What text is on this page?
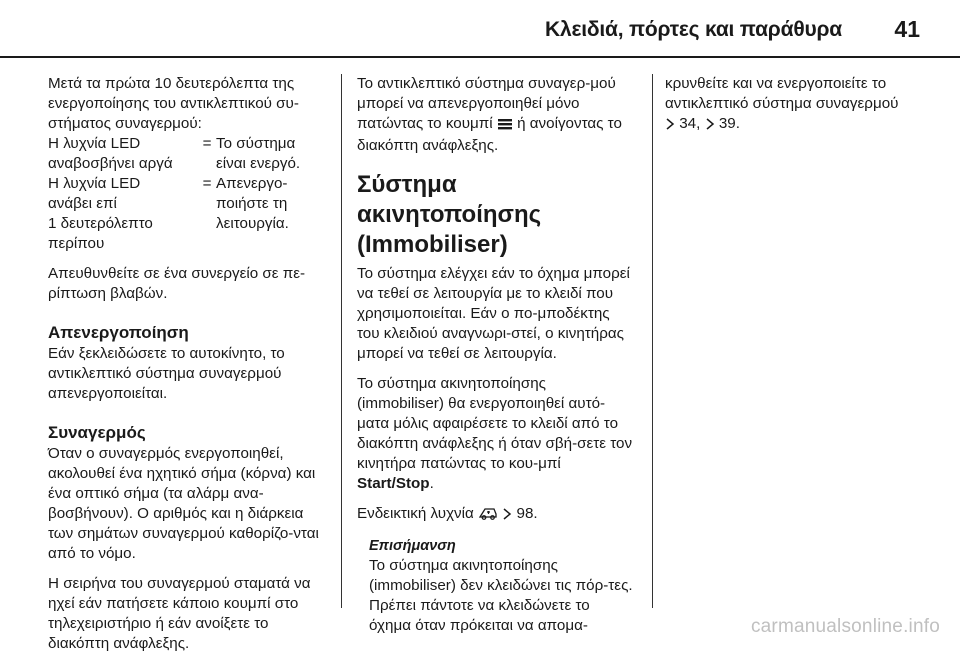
Κλειδιά, πόρτες και παράθυρα 41

Μετά τα πρώτα 10 δευτερόλεπτα της ενεργοποίησης του αντικλεπτικού συ-στήματος συναγερμού:

Η λυχνία LED
αναβοσβήνει αργά	=	Το σύστημα
είναι ενεργό.
Η λυχνία LED
ανάβει επί
1 δευτερόλεπτο
περίπου	=	Απενεργο-
ποιήστε τη
λειτουργία.

Απευθυνθείτε σε ένα συνεργείο σε πε-ρίπτωση βλαβών.

Απενεργοποίηση

Εάν ξεκλειδώσετε το αυτοκίνητο, το αντικλεπτικό σύστημα συναγερμού απενεργοποιείται.

Συναγερμός

Όταν ο συναγερμός ενεργοποιηθεί, ακολουθεί ένα ηχητικό σήμα (κόρνα) και ένα οπτικό σήμα (τα αλάρμ ανα-βοσβήνουν). Ο αριθμός και η διάρκεια των σημάτων συναγερμού καθορίζο-νται από το νόμο.

Η σειρήνα του συναγερμού σταματά να ηχεί εάν πατήσετε κάποιο κουμπί στο τηλεχειριστήριο ή εάν ανοίξετε το διακόπτη ανάφλεξης.

Το αντικλεπτικό σύστημα συναγερ-μού μπορεί να απενεργοποιηθεί μόνο πατώντας το κουμπί ή ανοίγοντας το διακόπτη ανάφλεξης.

Σύστημα ακινητοποίησης (Immobiliser)

Το σύστημα ελέγχει εάν το όχημα μπορεί να τεθεί σε λειτουργία με το κλειδί που χρησιμοποιείται. Εάν ο πο-μποδέκτης του κλειδιού αναγνωρι-στεί, ο κινητήρας μπορεί να τεθεί σε λειτουργία.

Το σύστημα ακινητοποίησης (immobiliser) θα ενεργοποιηθεί αυτό-ματα μόλις αφαιρέσετε το κλειδί από το διακόπτη ανάφλεξης ή όταν σβή-σετε τον κινητήρα πατώντας το κου-μπί Start/Stop.

Ενδεικτική λυχνία	98.

Επισήμανση

Το σύστημα ακινητοποίησης (immobiliser) δεν κλειδώνει τις πόρ-τες. Πρέπει πάντοτε να κλειδώνετε το όχημα όταν πρόκειται να απομα-

κρυνθείτε και να ενεργοποιείτε το αντικλεπτικό σύστημα συναγερμού
34, 39.

carmanualsonline.info
